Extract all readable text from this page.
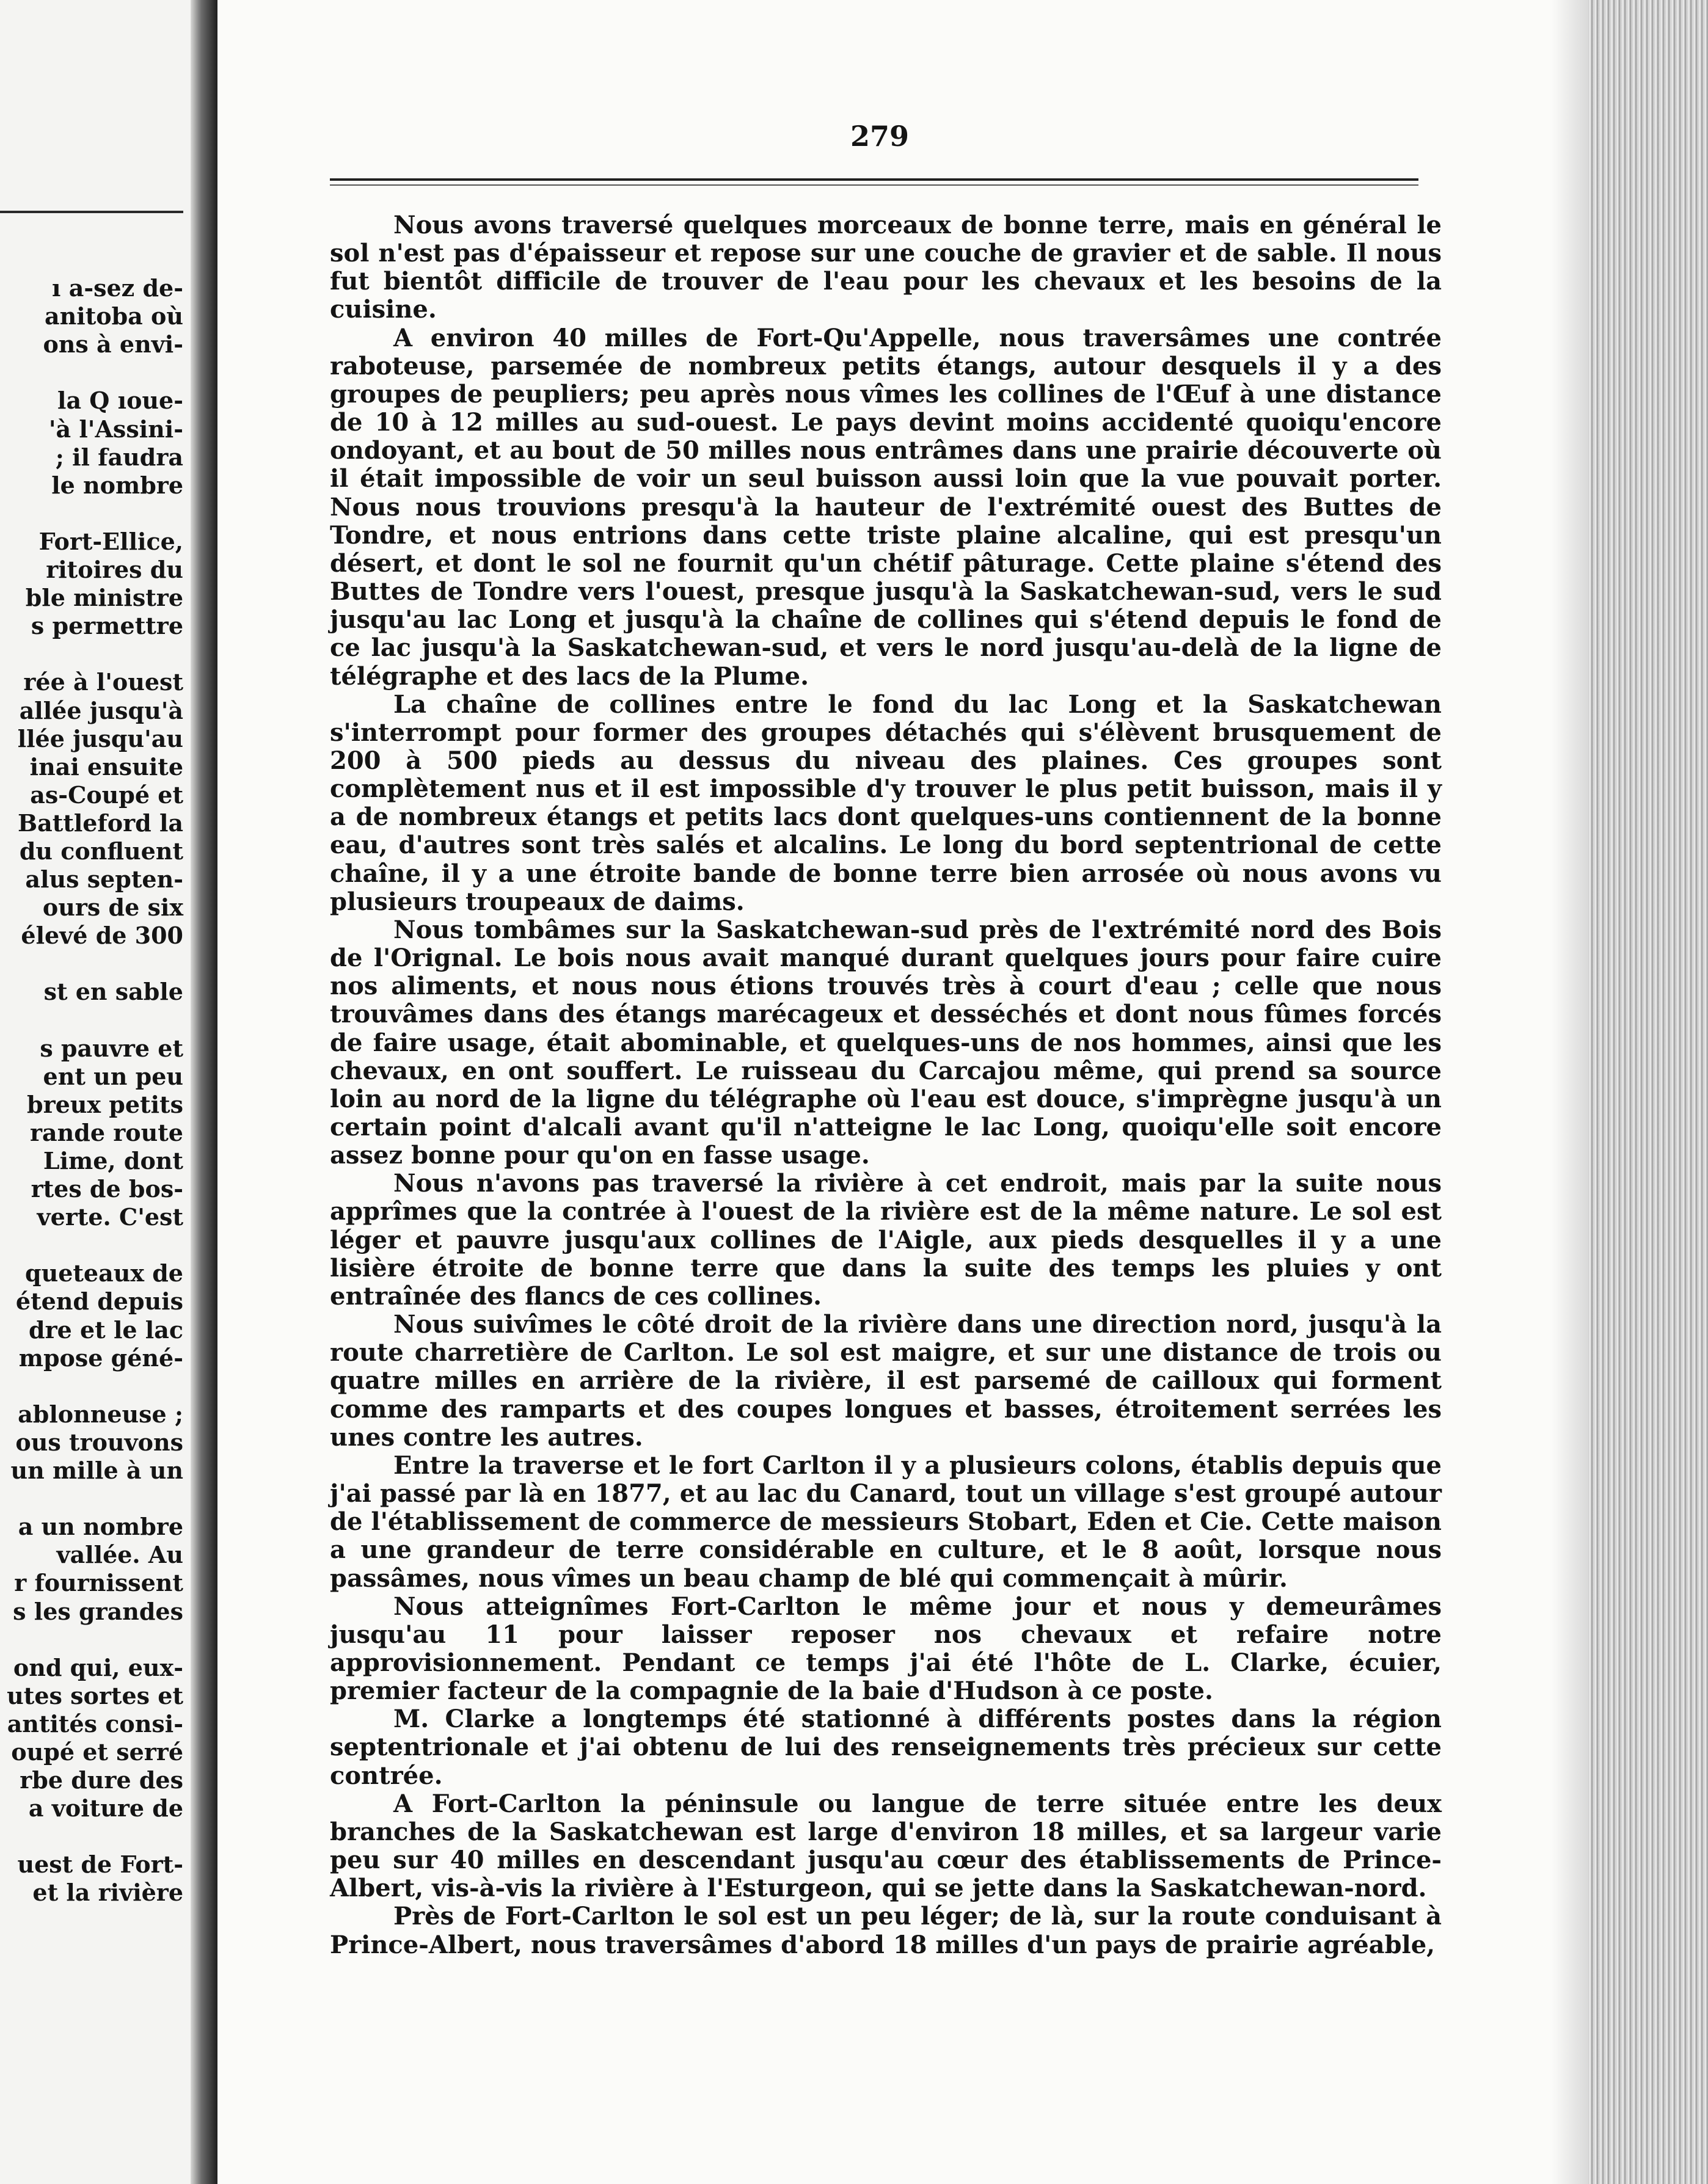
ı a‑sez de‑
anitoba où
ons à envi‑

la Q ıoue‑
'à l'Assini‑
; il faudra
le nombre

Fort-Ellice,
ritoires du
ble ministre
s permettre

rée à l'ouest
allée jusqu'à
llée jusqu'au
inai ensuite
as-Coupé et
Battleford la
du confluent
alus septen‑
ours de six
élevé de 300

st en sable

s pauvre et
ent un peu
breux petits
rande route
Lime, dont
rtes de bos‑
verte. C'est

queteaux de
étend depuis
dre et le lac
mpose géné‑

ablonneuse ;
ous trouvons
un mille à un

a un nombre
vallée. Au
r fournissent
s les grandes

ond qui, eux‑
utes sortes et
antités consi‑
oupé et serré
rbe dure des
a voiture de

uest de Fort‑
et la rivière
279

Nous avons traversé quelques morceaux de bonne terre, mais en général le sol n'est pas d'épaisseur et repose sur une couche de gravier et de sable. Il nous fut bientôt difficile de trouver de l'eau pour les chevaux et les besoins de la cuisine.

A environ 40 milles de Fort-Qu'Appelle, nous traversâmes une contrée raboteuse, parsemée de nombreux petits étangs, autour desquels il y a des groupes de peupliers; peu après nous vîmes les collines de l'Œuf à une distance de 10 à 12 milles au sud-ouest. Le pays devint moins accidenté quoiqu'encore ondoyant, et au bout de 50 milles nous entrâmes dans une prairie découverte où il était impossible de voir un seul buisson aussi loin que la vue pouvait porter. Nous nous trouvions presqu'à la hauteur de l'extrémité ouest des Buttes de Tondre, et nous entrions dans cette triste plaine alcaline, qui est presqu'un désert, et dont le sol ne fournit qu'un chétif pâturage. Cette plaine s'étend des Buttes de Tondre vers l'ouest, presque jusqu'à la Saskatchewan-sud, vers le sud jusqu'au lac Long et jusqu'à la chaîne de collines qui s'étend depuis le fond de ce lac jusqu'à la Saskatchewan-sud, et vers le nord jusqu'au-delà de la ligne de télégraphe et des lacs de la Plume.

La chaîne de collines entre le fond du lac Long et la Saskatchewan s'interrompt pour former des groupes détachés qui s'élèvent brusquement de 200 à 500 pieds au dessus du niveau des plaines. Ces groupes sont complètement nus et il est impossible d'y trouver le plus petit buisson, mais il y a de nombreux étangs et petits lacs dont quelques-uns contiennent de la bonne eau, d'autres sont très salés et alcalins. Le long du bord septentrional de cette chaîne, il y a une étroite bande de bonne terre bien arrosée où nous avons vu plusieurs troupeaux de daims.

Nous tombâmes sur la Saskatchewan-sud près de l'extrémité nord des Bois de l'Orignal. Le bois nous avait manqué durant quelques jours pour faire cuire nos aliments, et nous nous étions trouvés très à court d'eau ; celle que nous trouvâmes dans des étangs marécageux et desséchés et dont nous fûmes forcés de faire usage, était abominable, et quelques-uns de nos hommes, ainsi que les chevaux, en ont souffert. Le ruisseau du Carcajou même, qui prend sa source loin au nord de la ligne du télégraphe où l'eau est douce, s'imprègne jusqu'à un certain point d'alcali avant qu'il n'atteigne le lac Long, quoiqu'elle soit encore assez bonne pour qu'on en fasse usage.

Nous n'avons pas traversé la rivière à cet endroit, mais par la suite nous apprîmes que la contrée à l'ouest de la rivière est de la même nature. Le sol est léger et pauvre jusqu'aux collines de l'Aigle, aux pieds desquelles il y a une lisière étroite de bonne terre que dans la suite des temps les pluies y ont entraînée des flancs de ces collines.

Nous suivîmes le côté droit de la rivière dans une direction nord, jusqu'à la route charretière de Carlton. Le sol est maigre, et sur une distance de trois ou quatre milles en arrière de la rivière, il est parsemé de cailloux qui forment comme des ramparts et des coupes longues et basses, étroitement serrées les unes contre les autres.

Entre la traverse et le fort Carlton il y a plusieurs colons, établis depuis que j'ai passé par là en 1877, et au lac du Canard, tout un village s'est groupé autour de l'établissement de commerce de messieurs Stobart, Eden et Cie. Cette maison a une grandeur de terre considérable en culture, et le 8 août, lorsque nous passâmes, nous vîmes un beau champ de blé qui commençait à mûrir.

Nous atteignîmes Fort-Carlton le même jour et nous y demeurâmes jusqu'au 11 pour laisser reposer nos chevaux et refaire notre approvisionnement. Pendant ce temps j'ai été l'hôte de L. Clarke, écuier, premier facteur de la compagnie de la baie d'Hudson à ce poste.

M. Clarke a longtemps été stationné à différents postes dans la région septentrionale et j'ai obtenu de lui des renseignements très précieux sur cette contrée.

A Fort-Carlton la péninsule ou langue de terre située entre les deux branches de la Saskatchewan est large d'environ 18 milles, et sa largeur varie peu sur 40 milles en descendant jusqu'au cœur des établissements de Prince-Albert, vis-à-vis la rivière à l'Esturgeon, qui se jette dans la Saskatchewan-nord.

Près de Fort-Carlton le sol est un peu léger; de là, sur la route conduisant à Prince-Albert, nous traversâmes d'abord 18 milles d'un pays de prairie agréable,
